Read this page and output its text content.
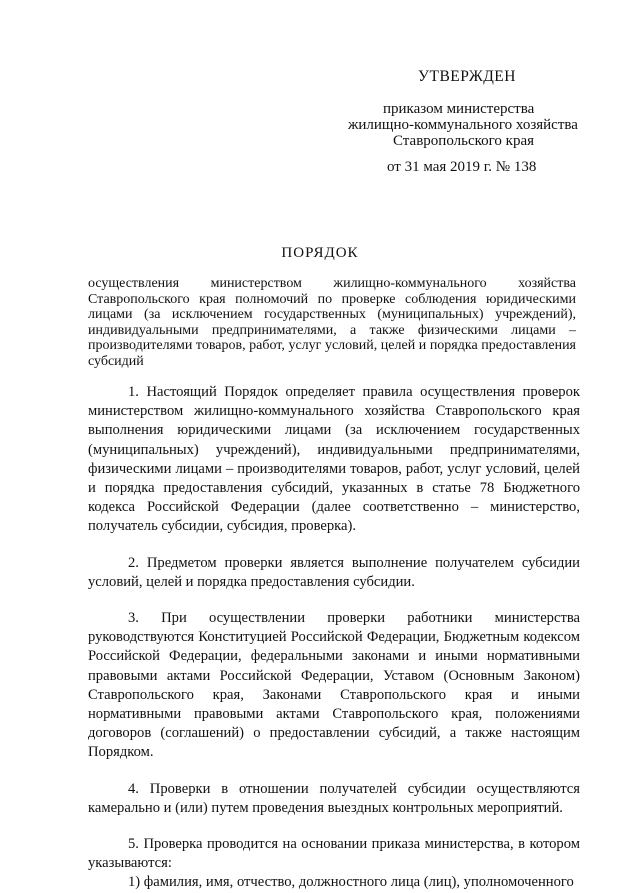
УТВЕРЖДЕН
приказом министерства
жилищно-коммунального хозяйства
Ставропольского края
от 31 мая 2019 г. № 138
ПОРЯДОК
осуществления министерством жилищно-коммунального хозяйства Ставропольского края полномочий по проверке соблюдения юридическими лицами (за исключением государственных (муниципальных) учреждений), индивидуальными предпринимателями, а также физическими лицами – производителями товаров, работ, услуг условий, целей и порядка предоставления субсидий

1. Настоящий Порядок определяет правила осуществления проверок министерством жилищно-коммунального хозяйства Ставропольского края выполнения юридическими лицами (за исключением государственных (муниципальных) учреждений), индивидуальными предпринимателями, физическими лицами – производителями товаров, работ, услуг условий, целей и порядка предоставления субсидий, указанных в статье 78 Бюджетного кодекса Российской Федерации (далее соответственно – министерство, получатель субсидии, субсидия, проверка).

2. Предметом проверки является выполнение получателем субсидии условий, целей и порядка предоставления субсидии.

3. При осуществлении проверки работники министерства руководствуются Конституцией Российской Федерации, Бюджетным кодексом Российской Федерации, федеральными законами и иными нормативными правовыми актами Российской Федерации, Уставом (Основным Законом) Ставропольского края, Законами Ставропольского края и иными нормативными правовыми актами Ставропольского края, положениями договоров (соглашений) о предоставлении субсидий, а также настоящим Порядком.

4. Проверки в отношении получателей субсидии осуществляются камерально и (или) путем проведения выездных контрольных мероприятий.

5. Проверка проводится на основании приказа министерства, в котором указываются:

1) фамилия, имя, отчество, должностного лица (лиц), уполномоченного
